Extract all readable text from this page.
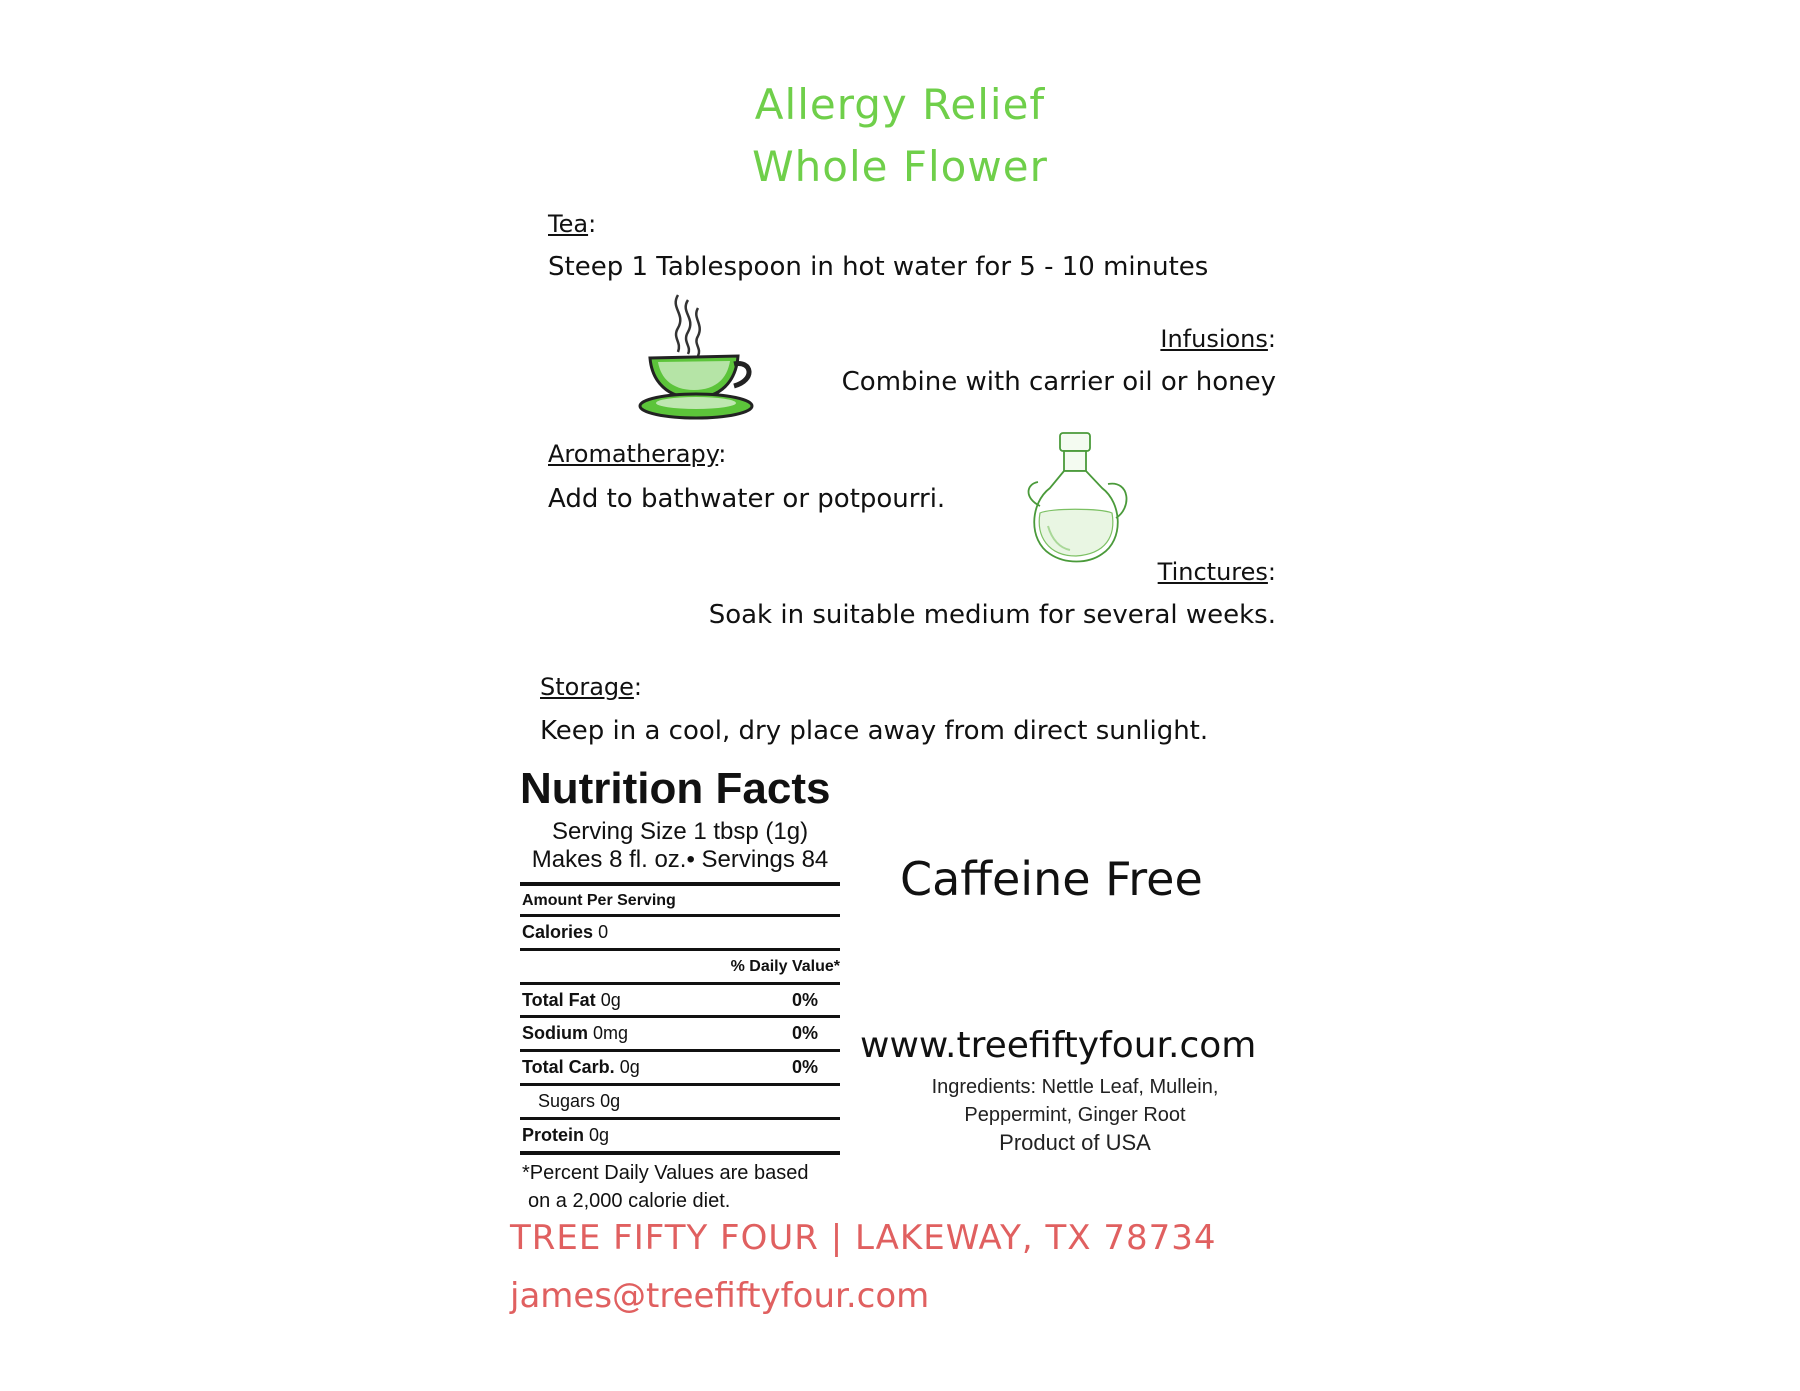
Allergy Relief
Whole Flower
Tea:
Steep 1 Tablespoon in hot water for 5 - 10 minutes
Infusions:
Combine with carrier oil or honey
Aromatherapy:
Add to bathwater or potpourri.
Tinctures:
Soak in suitable medium for several weeks.
Storage:
Keep in a cool, dry place away from direct sunlight.
Nutrition Facts
Serving Size 1 tbsp (1g)
Makes 8 fl. oz.• Servings 84
Amount Per Serving
Calories 0
% Daily Value*
Total Fat 0g	0%
Sodium 0mg	0%
Total Carb. 0g	0%
Sugars 0g
Protein 0g
*Percent Daily Values are based
on a 2,000 calorie diet.
Caffeine Free
www.treefiftyfour.com
Ingredients: Nettle Leaf, Mullein,
Peppermint, Ginger Root
Product of USA
TREE FIFTY FOUR | LAKEWAY, TX 78734
james@treefiftyfour.com
